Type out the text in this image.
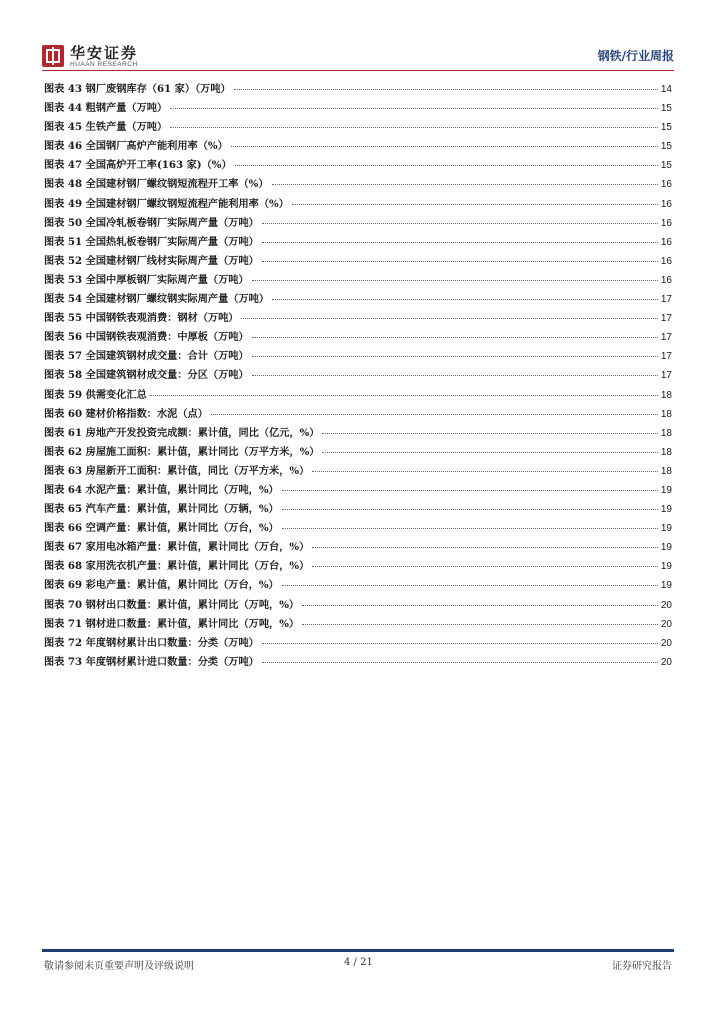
华安证券
HUAAN RESEARCH
钢铁/行业周报
图表 43 钢厂废钢库存（61 家）（万吨）	14
图表 44 粗钢产量（万吨）	15
图表 45 生铁产量（万吨）	15
图表 46 全国钢厂高炉产能利用率（%）	15
图表 47 全国高炉开工率(163 家)（%）	15
图表 48 全国建材钢厂螺纹钢短流程开工率（%）	16
图表 49 全国建材钢厂螺纹钢短流程产能利用率（%）	16
图表 50 全国冷轧板卷钢厂实际周产量（万吨）	16
图表 51 全国热轧板卷钢厂实际周产量（万吨）	16
图表 52 全国建材钢厂线材实际周产量（万吨）	16
图表 53 全国中厚板钢厂实际周产量（万吨）	16
图表 54 全国建材钢厂螺纹钢实际周产量（万吨）	17
图表 55 中国钢铁表观消费：钢材（万吨）	17
图表 56 中国钢铁表观消费：中厚板（万吨）	17
图表 57 全国建筑钢材成交量：合计（万吨）	17
图表 58 全国建筑钢材成交量：分区（万吨）	17
图表 59 供需变化汇总	18
图表 60 建材价格指数：水泥（点）	18
图表 61 房地产开发投资完成额：累计值，同比（亿元，%）	18
图表 62 房屋施工面积：累计值，累计同比（万平方米，%）	18
图表 63 房屋新开工面积：累计值，同比（万平方米，%）	18
图表 64 水泥产量：累计值，累计同比（万吨，%）	19
图表 65 汽车产量：累计值，累计同比（万辆，%）	19
图表 66 空调产量：累计值，累计同比（万台，%）	19
图表 67 家用电冰箱产量：累计值，累计同比（万台，%）	19
图表 68 家用洗衣机产量：累计值，累计同比（万台，%）	19
图表 69 彩电产量：累计值，累计同比（万台，%）	19
图表 70 钢材出口数量：累计值，累计同比（万吨，%）	20
图表 71 钢材进口数量：累计值，累计同比（万吨，%）	20
图表 72 年度钢材累计出口数量：分类（万吨）	20
图表 73 年度钢材累计进口数量：分类（万吨）	20
敬请参阅末页重要声明及评级说明	4 / 21	证券研究报告
